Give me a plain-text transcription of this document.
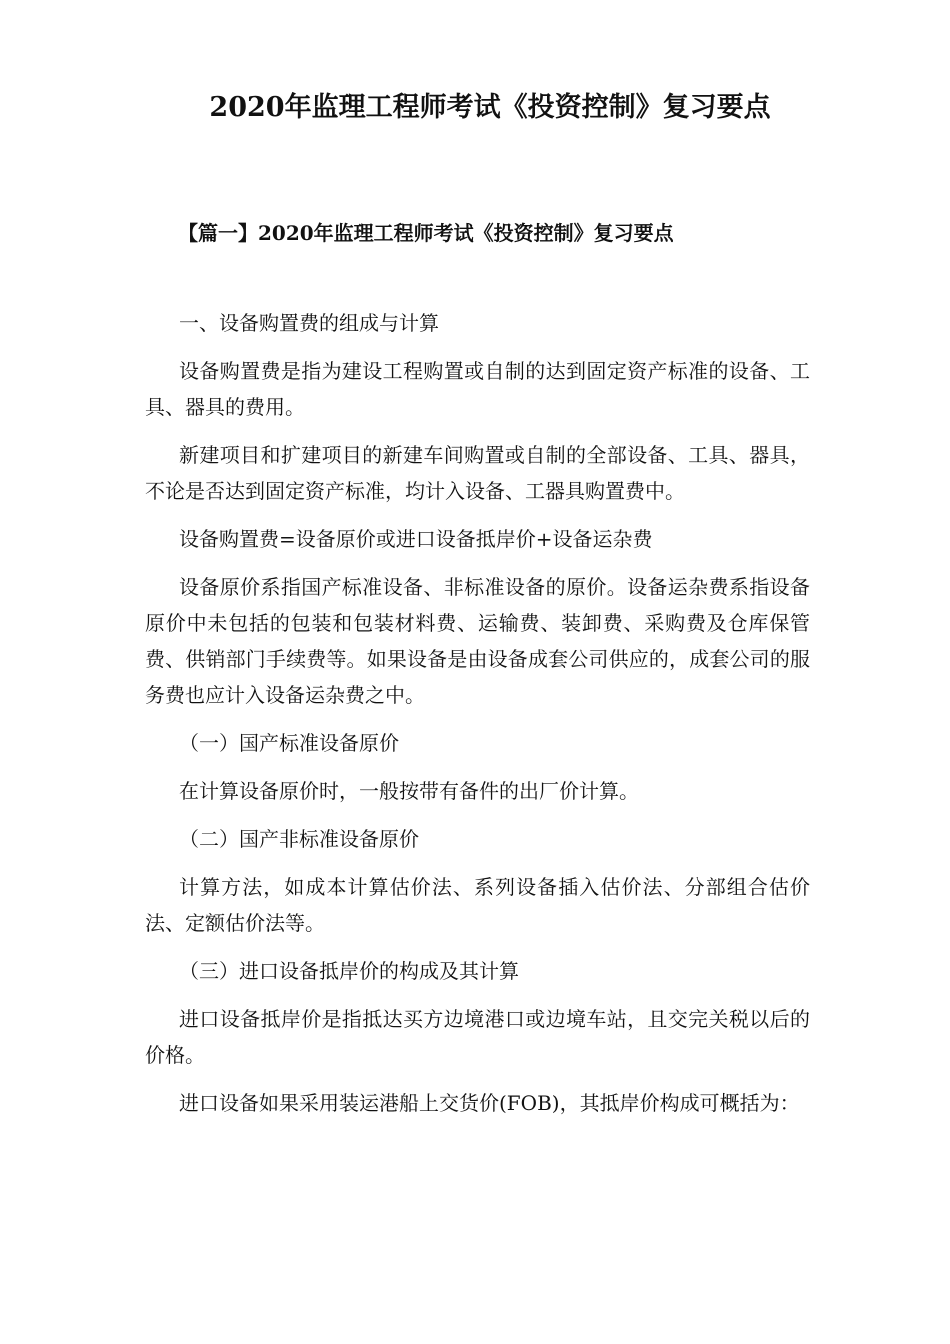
2020年监理工程师考试《投资控制》复习要点
【篇一】2020年监理工程师考试《投资控制》复习要点

一、设备购置费的组成与计算

设备购置费是指为建设工程购置或自制的达到固定资产标准的设备、工具、器具的费用。

新建项目和扩建项目的新建车间购置或自制的全部设备、工具、器具，不论是否达到固定资产标准，均计入设备、工器具购置费中。

设备购置费=设备原价或进口设备抵岸价+设备运杂费

设备原价系指国产标准设备、非标准设备的原价。设备运杂费系指设备原价中未包括的包装和包装材料费、运输费、装卸费、采购费及仓库保管费、供销部门手续费等。如果设备是由设备成套公司供应的，成套公司的服务费也应计入设备运杂费之中。

（一）国产标准设备原价

在计算设备原价时，一般按带有备件的出厂价计算。

（二）国产非标准设备原价

计算方法，如成本计算估价法、系列设备插入估价法、分部组合估价法、定额估价法等。

（三）进口设备抵岸价的构成及其计算

进口设备抵岸价是指抵达买方边境港口或边境车站，且交完关税以后的价格。

进口设备如果采用装运港船上交货价(FOB)，其抵岸价构成可概括为：
